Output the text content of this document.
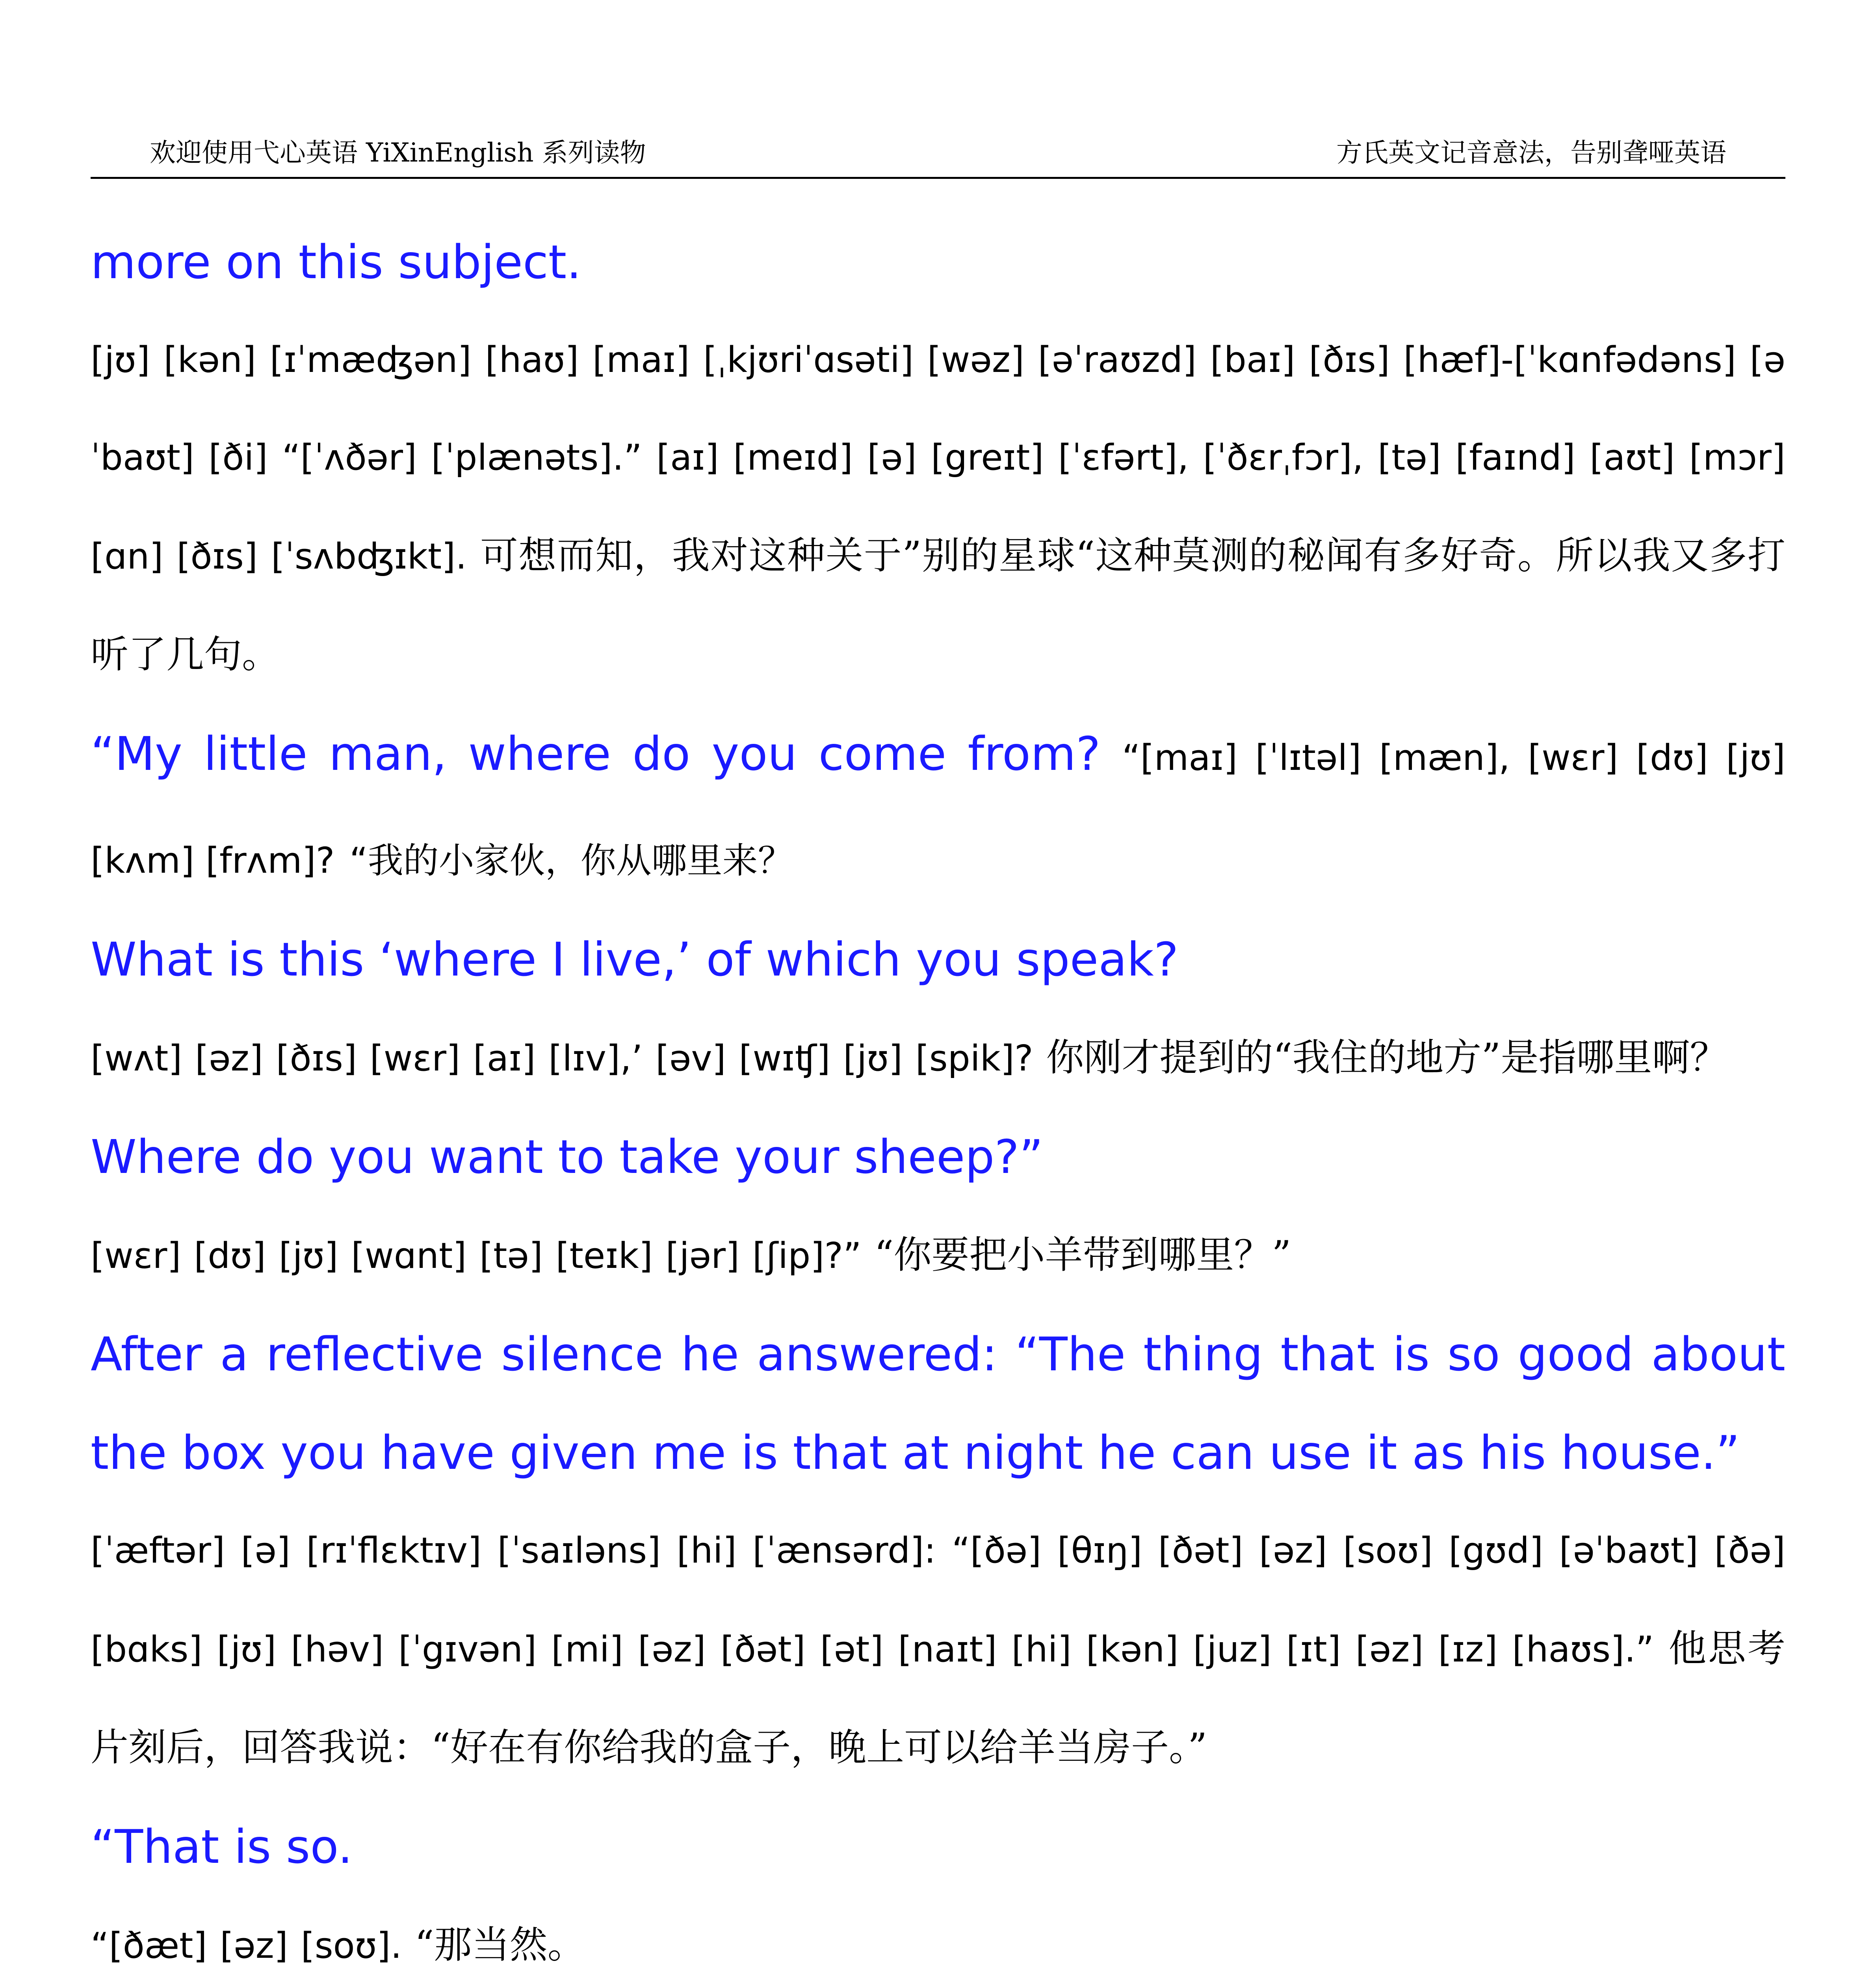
欢迎使用弋心英语 YiXinEnglish 系列读物	方氏英文记音意法，告别聋哑英语

more on this subject.

[jʊ] [kən] [ɪˈmæʤən] [haʊ] [maɪ] [ˌkjʊriˈɑsəti] [wəz] [əˈraʊzd] [baɪ] [ðɪs] [hæf]-[ˈkɑnfədəns] [əˈbaʊt] [ði] “[ˈʌðər] [ˈplænəts].” [aɪ] [meɪd] [ə] [greɪt] [ˈɛfərt], [ˈðɛrˌfɔr], [tə] [faɪnd] [aʊt] [mɔr] [ɑn] [ðɪs] [ˈsʌbʤɪkt]. 可想而知，我对这种关于”别的星球“这种莫测的秘闻有多好奇。所以我又多打听了几句。

“My little man, where do you come from? “[maɪ] [ˈlɪtəl] [mæn], [wɛr] [dʊ] [jʊ] [kʌm] [frʌm]? “我的小家伙，你从哪里来？

What is this ‘where I live,’ of which you speak?

[wʌt] [əz] [ðɪs] [wɛr] [aɪ] [lɪv],’ [əv] [wɪʧ] [jʊ] [spik]? 你刚才提到的“我住的地方”是指哪里啊？

Where do you want to take your sheep?”

[wɛr] [dʊ] [jʊ] [wɑnt] [tə] [teɪk] [jər] [ʃip]?” “你要把小羊带到哪里？”

After a reflective silence he answered: “The thing that is so good about the box you have given me is that at night he can use it as his house.”

[ˈæftər] [ə] [rɪˈflɛktɪv] [ˈsaɪləns] [hi] [ˈænsərd]: “[ðə] [θɪŋ] [ðət] [əz] [soʊ] [gʊd] [əˈbaʊt] [ðə] [bɑks] [jʊ] [həv] [ˈgɪvən] [mi] [əz] [ðət] [ət] [naɪt] [hi] [kən] [juz] [ɪt] [əz] [ɪz] [haʊs].” 他思考片刻后，回答我说：“好在有你给我的盒子，晚上可以给羊当房子。”

“That is so.

“[ðæt] [əz] [soʊ]. “那当然。
